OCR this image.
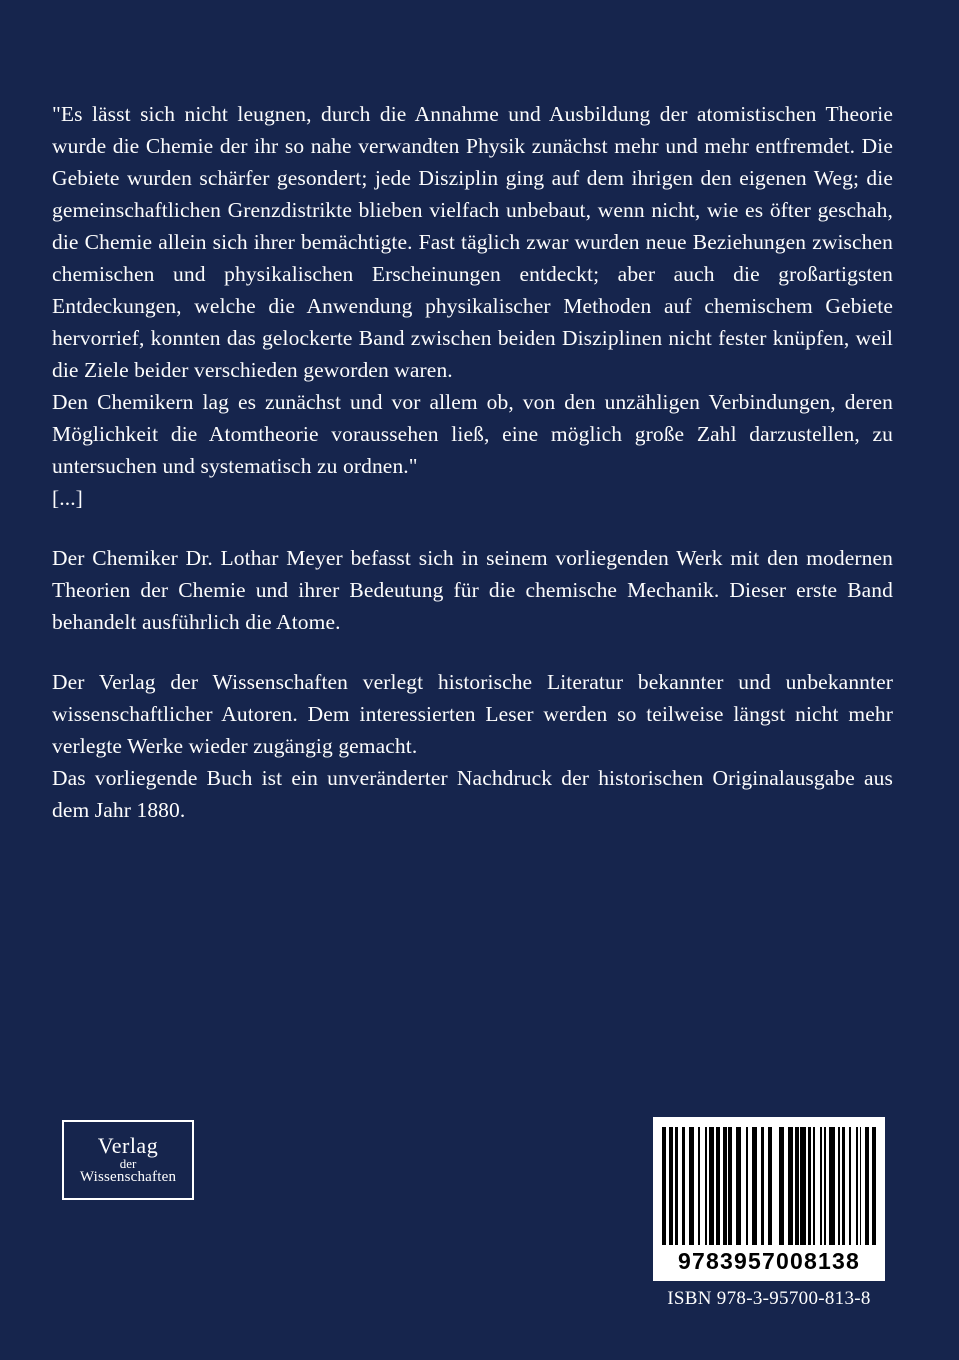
"Es lässt sich nicht leugnen, durch die Annahme und Ausbildung der atomistischen Theorie wurde die Chemie der ihr so nahe verwandten Physik zunächst mehr und mehr entfremdet. Die Gebiete wurden schärfer gesondert; jede Disziplin ging auf dem ihrigen den eigenen Weg; die gemeinschaftlichen Grenzdistrikte blieben vielfach unbebaut, wenn nicht, wie es öfter geschah, die Chemie allein sich ihrer bemächtigte. Fast täglich zwar wurden neue Beziehungen zwischen chemischen und physikalischen Erscheinungen entdeckt; aber auch die großartigsten Entdeckungen, welche die Anwendung physikalischer Methoden auf chemischem Gebiete hervorrief, konnten das gelockerte Band zwischen beiden Disziplinen nicht fester knüpfen, weil die Ziele beider verschieden geworden waren.

Den Chemikern lag es zunächst und vor allem ob, von den unzähligen Verbindungen, deren Möglichkeit die Atomtheorie voraussehen ließ, eine möglich große Zahl darzustellen, zu untersuchen und systematisch zu ordnen."

[...]

Der Chemiker Dr. Lothar Meyer befasst sich in seinem vorliegenden Werk mit den modernen Theorien der Chemie und ihrer Bedeutung für die chemische Mechanik. Dieser erste Band behandelt ausführlich die Atome.

Der Verlag der Wissenschaften verlegt historische Literatur bekannter und unbekannter wissenschaftlicher Autoren. Dem interessierten Leser werden so teilweise längst nicht mehr verlegte Werke wieder zugängig gemacht.

Das vorliegende Buch ist ein unveränderter Nachdruck der historischen Originalausgabe aus dem Jahr 1880.

Verlag
der
Wissenschaften
9783957008138
ISBN 978-3-95700-813-8
